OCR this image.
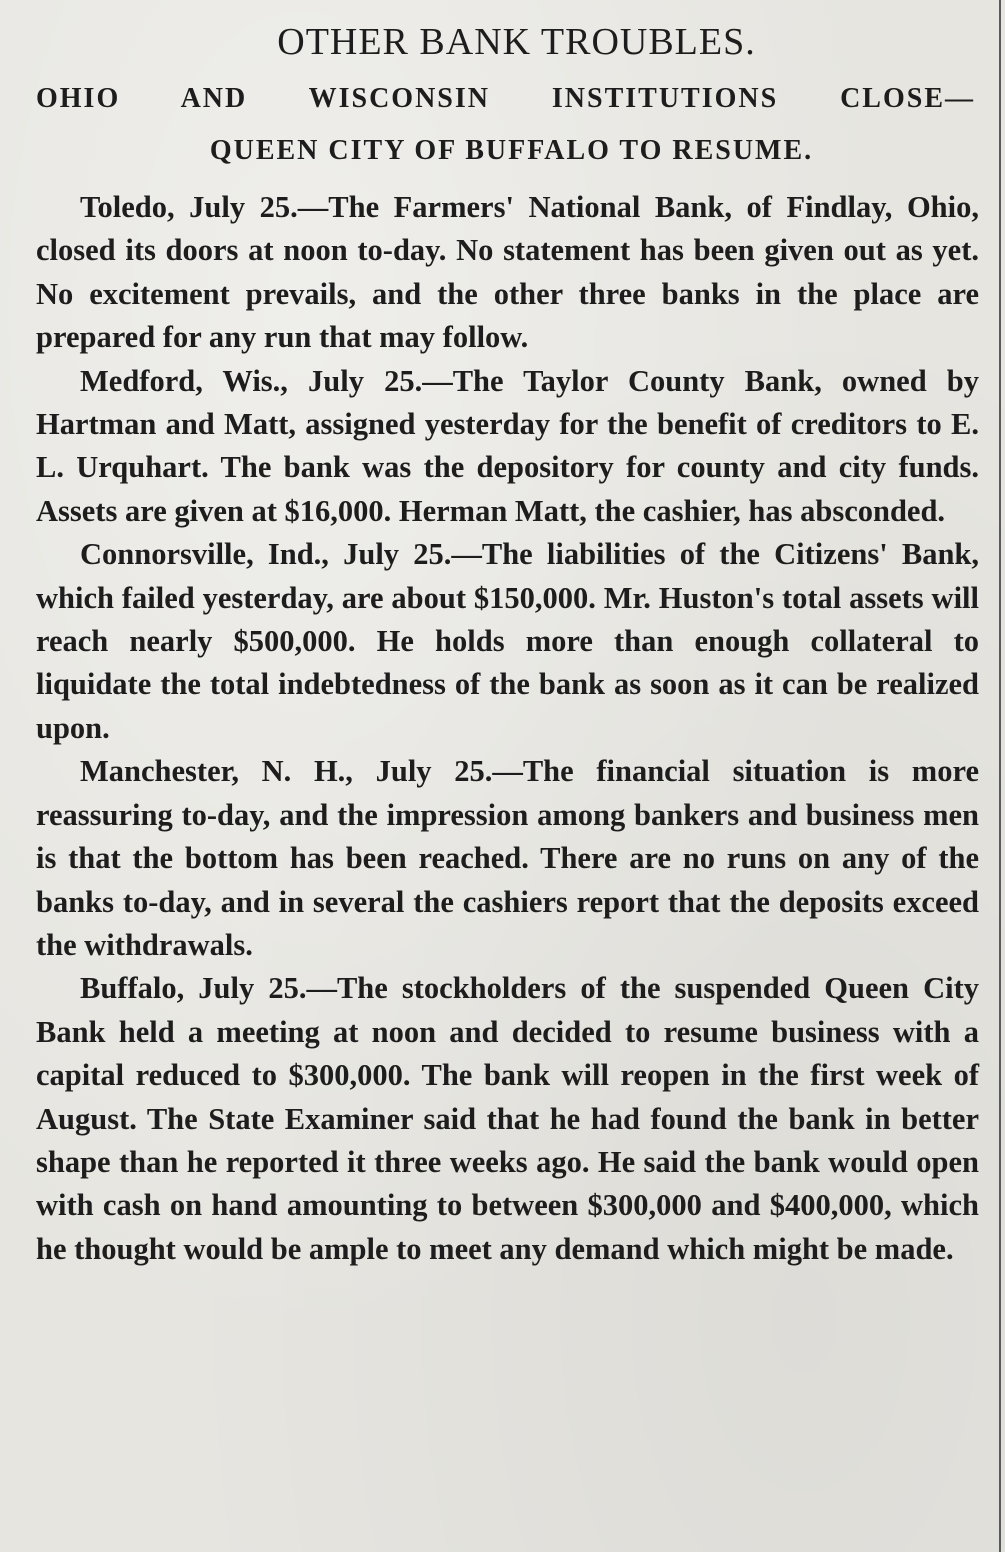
OTHER BANK TROUBLES.
OHIO AND WISCONSIN INSTITUTIONS CLOSE—
QUEEN CITY OF BUFFALO TO RESUME.

Toledo, July 25.—The Farmers' National Bank, of Findlay, Ohio, closed its doors at noon to-day. No statement has been given out as yet. No excitement prevails, and the other three banks in the place are prepared for any run that may follow.

Medford, Wis., July 25.—The Taylor County Bank, owned by Hartman and Matt, assigned yesterday for the benefit of creditors to E. L. Urquhart. The bank was the depository for county and city funds. Assets are given at $16,000. Herman Matt, the cashier, has absconded.

Connorsville, Ind., July 25.—The liabilities of the Citizens' Bank, which failed yesterday, are about $150,000. Mr. Huston's total assets will reach nearly $500,000. He holds more than enough collateral to liquidate the total indebtedness of the bank as soon as it can be realized upon.

Manchester, N. H., July 25.—The financial situation is more reassuring to-day, and the impression among bankers and business men is that the bottom has been reached. There are no runs on any of the banks to-day, and in several the cashiers report that the deposits exceed the withdrawals.

Buffalo, July 25.—The stockholders of the suspended Queen City Bank held a meeting at noon and decided to resume business with a capital reduced to $300,000. The bank will reopen in the first week of August. The State Examiner said that he had found the bank in better shape than he reported it three weeks ago. He said the bank would open with cash on hand amounting to between $300,000 and $400,000, which he thought would be ample to meet any demand which might be made.
